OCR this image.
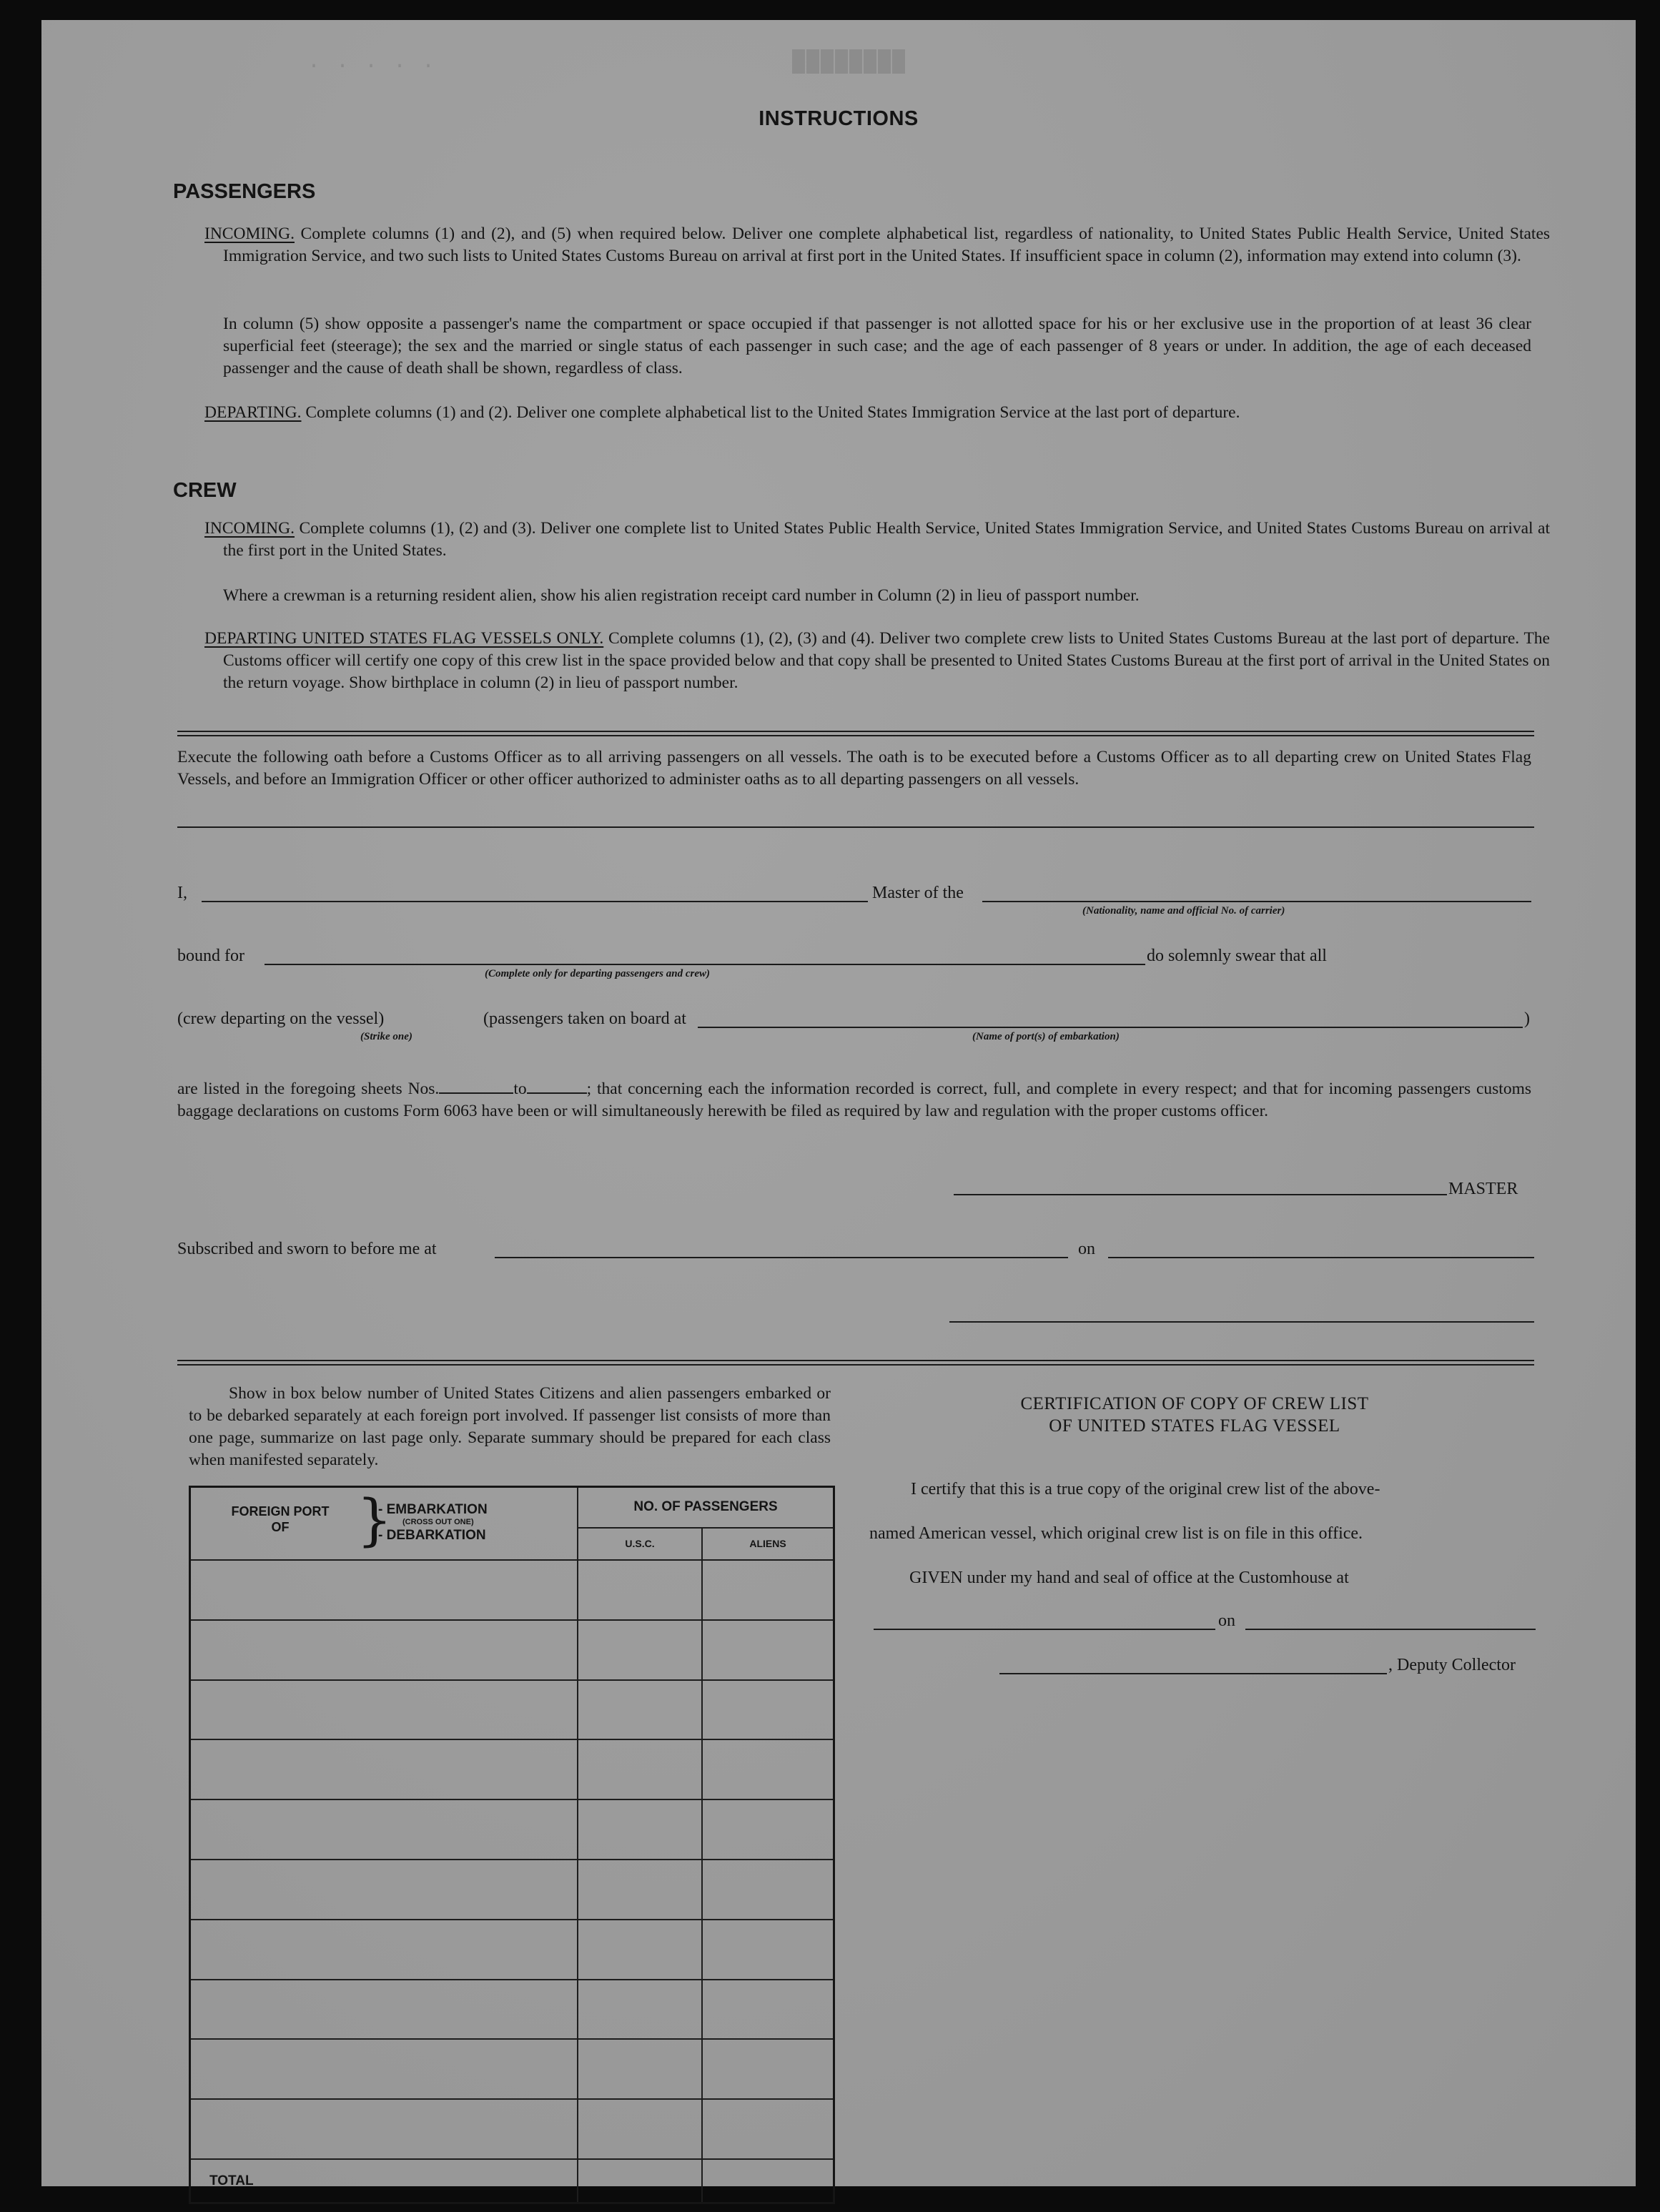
. . . . .	████████
INSTRUCTIONS
PASSENGERS
INCOMING. Complete columns (1) and (2), and (5) when required below. Deliver one complete alphabetical list, regardless of nationality, to United States Public Health Service, United States Immigration Service, and two such lists to United States Customs Bureau on arrival at first port in the United States. If insufficient space in column (2), information may extend into column (3).
In column (5) show opposite a passenger's name the compartment or space occupied if that passenger is not allotted space for his or her exclusive use in the proportion of at least 36 clear superficial feet (steerage); the sex and the married or single status of each passenger in such case; and the age of each passenger of 8 years or under. In addition, the age of each deceased passenger and the cause of death shall be shown, regardless of class.
DEPARTING. Complete columns (1) and (2). Deliver one complete alphabetical list to the United States Immigration Service at the last port of departure.
CREW
INCOMING. Complete columns (1), (2) and (3). Deliver one complete list to United States Public Health Service, United States Immigration Service, and United States Customs Bureau on arrival at the first port in the United States.
Where a crewman is a returning resident alien, show his alien registration receipt card number in Column (2) in lieu of passport number.
DEPARTING UNITED STATES FLAG VESSELS ONLY. Complete columns (1), (2), (3) and (4). Deliver two complete crew lists to United States Customs Bureau at the last port of departure. The Customs officer will certify one copy of this crew list in the space provided below and that copy shall be presented to United States Customs Bureau at the first port of arrival in the United States on the return voyage. Show birthplace in column (2) in lieu of passport number.
Execute the following oath before a Customs Officer as to all arriving passengers on all vessels. The oath is to be executed before a Customs Officer as to all departing crew on United States Flag Vessels, and before an Immigration Officer or other officer authorized to administer oaths as to all departing passengers on all vessels.
I,	Master of the
(Nationality, name and official No. of carrier)
bound for
(Complete only for departing passengers and crew)
do solemnly swear that all
(crew departing on the vessel)	(passengers taken on board at	)
(Strike one)	(Name of port(s) of embarkation)
are listed in the foregoing sheets Nos.	to	; that concerning each the information recorded is correct, full, and complete in every respect; and that for incoming passengers customs baggage declarations on customs Form 6063 have been or will simultaneously herewith be filed as required by law and regulation with the proper customs officer.
MASTER
Subscribed and sworn to before me at	on
Show in box below number of United States Citizens and alien passengers embarked or to be debarked separately at each foreign port involved. If passenger list consists of more than one page, summarize on last page only. Separate summary should be prepared for each class when manifested separately.
FOREIGN PORT OF }
- EMBARKATION
(CROSS OUT ONE)
- DEBARKATION	NO. OF PASSENGERS	
	U.S.C.	ALIENS

TOTAL		
CERTIFICATION OF COPY OF CREW LIST
OF UNITED STATES FLAG VESSEL
I certify that this is a true copy of the original crew list of the above-
named American vessel, which original crew list is on file in this office.
GIVEN under my hand and seal of office at the Customhouse at
on
, Deputy Collector
